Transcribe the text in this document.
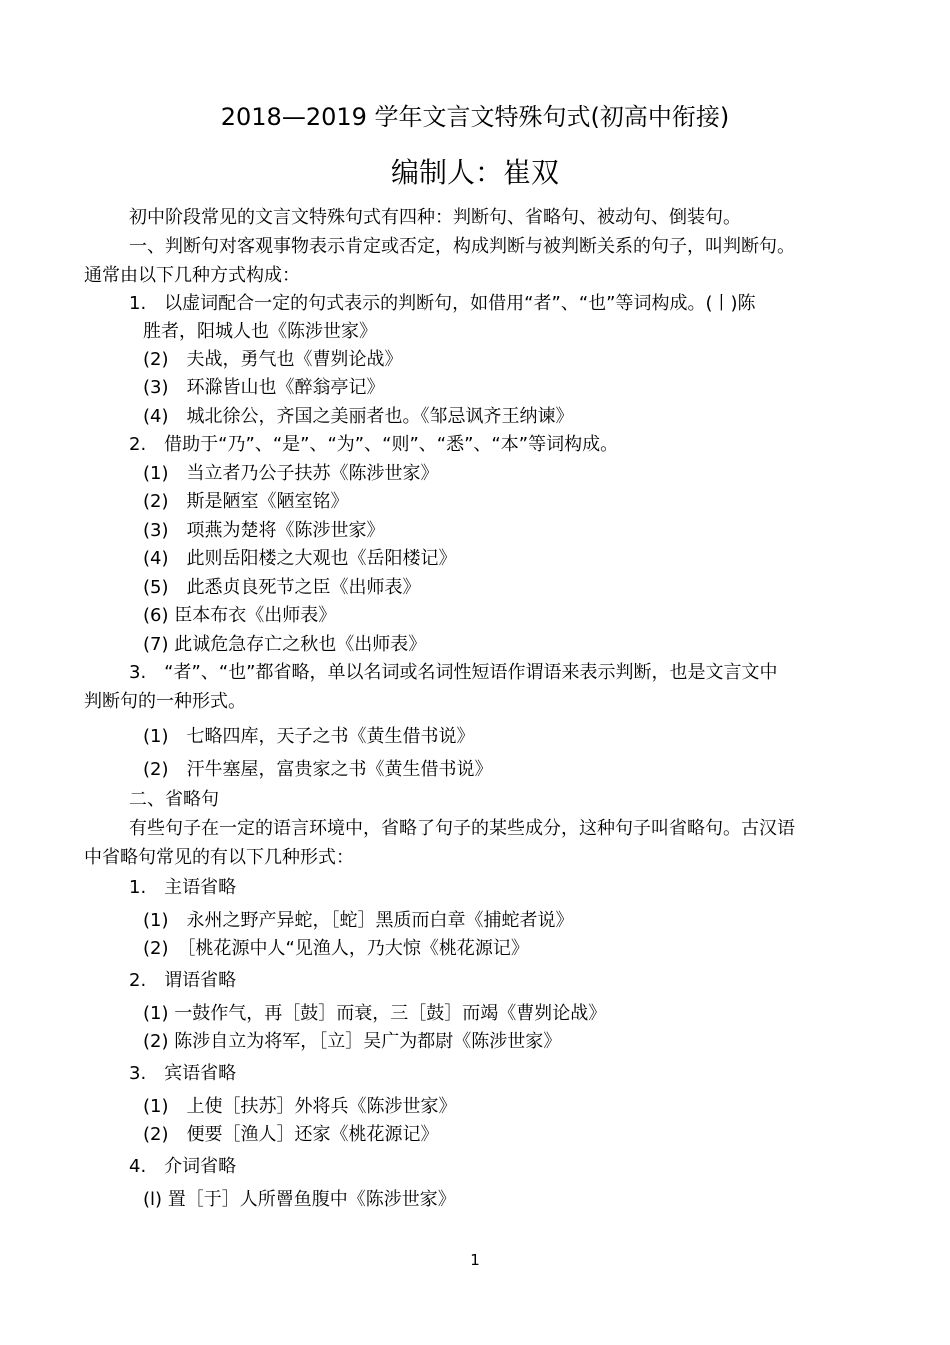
2018—2019 学年文言文特殊句式(初高中衔接)
编制人：崔双
初中阶段常见的文言文特殊句式有四种：判断句、省略句、被动句、倒装句。
一、判断句对客观事物表示肯定或否定，构成判断与被判断关系的句子，叫判断句。
通常由以下几种方式构成：
1.　以虚词配合一定的句式表示的判断句，如借用“者”、“也”等词构成。(丨)陈
胜者，阳城人也《陈涉世家》
(2)　夫战，勇气也《曹刿论战》
(3)　环滁皆山也《醉翁亭记》
(4)　城北徐公，齐国之美丽者也。《邹忌讽齐王纳谏》
2.　借助于“乃”、“是”、“为”、“则”、“悉”、“本”等词构成。
(1)　当立者乃公子扶苏《陈涉世家》
(2)　斯是陋室《陋室铭》
(3)　项燕为楚将《陈涉世家》
(4)　此则岳阳楼之大观也《岳阳楼记》
(5)　此悉贞良死节之臣《出师表》
(6) 臣本布衣《出师表》
(7) 此诚危急存亡之秋也《出师表》
3.　“者”、“也”都省略，单以名词或名词性短语作谓语来表示判断，也是文言文中
判断句的一种形式。
(1)　七略四库，天子之书《黄生借书说》
(2)　汗牛塞屋，富贵家之书《黄生借书说》
二、省略句
有些句子在一定的语言环境中，省略了句子的某些成分，这种句子叫省略句。古汉语
中省略句常见的有以下几种形式：
1.　主语省略
(1)　永州之野产异蛇，［蛇］黑质而白章《捕蛇者说》
(2)　［桃花源中人“见渔人，乃大惊《桃花源记》
2.　谓语省略
(1) 一鼓作气，再［鼓］而衰，三［鼓］而竭《曹刿论战》
(2) 陈涉自立为将军，［立］吴广为都尉《陈涉世家》
3.　宾语省略
(1)　上使［扶苏］外将兵《陈涉世家》
(2)　便要［渔人］还家《桃花源记》
4.　介词省略
(l) 置［于］人所罾鱼腹中《陈涉世家》
1
